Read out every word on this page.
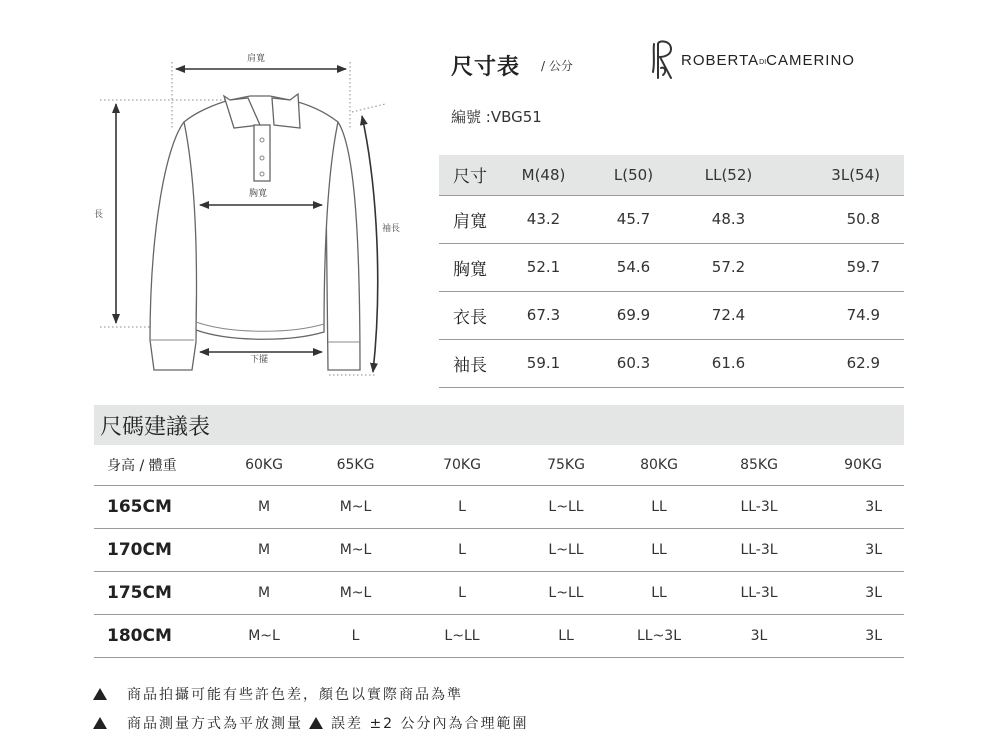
肩寬
胸寬
長
袖長
下擺
尺寸表 / 公分	ROBERTADICAMERINO
編號 :VBG51
尺寸	M(48)	L(50)	LL(52)	3L(54)
肩寬	43.2	45.7	48.3	50.8
胸寬	52.1	54.6	57.2	59.7
衣長	67.3	69.9	72.4	74.9
袖長	59.1	60.3	61.6	62.9
尺碼建議表
身高 / 體重	60KG	65KG	70KG	75KG	80KG	85KG	90KG
165CM	M	M~L	L	L~LL	LL	LL-3L	3L
170CM	M	M~L	L	L~LL	LL	LL-3L	3L
175CM	M	M~L	L	L~LL	LL	LL-3L	3L
180CM	M~L	L	L~LL	LL	LL~3L	3L	3L
商品拍攝可能有些許色差，顏色以實際商品為準
商品測量方式為平放測量 誤差 ±2 公分內為合理範圍
